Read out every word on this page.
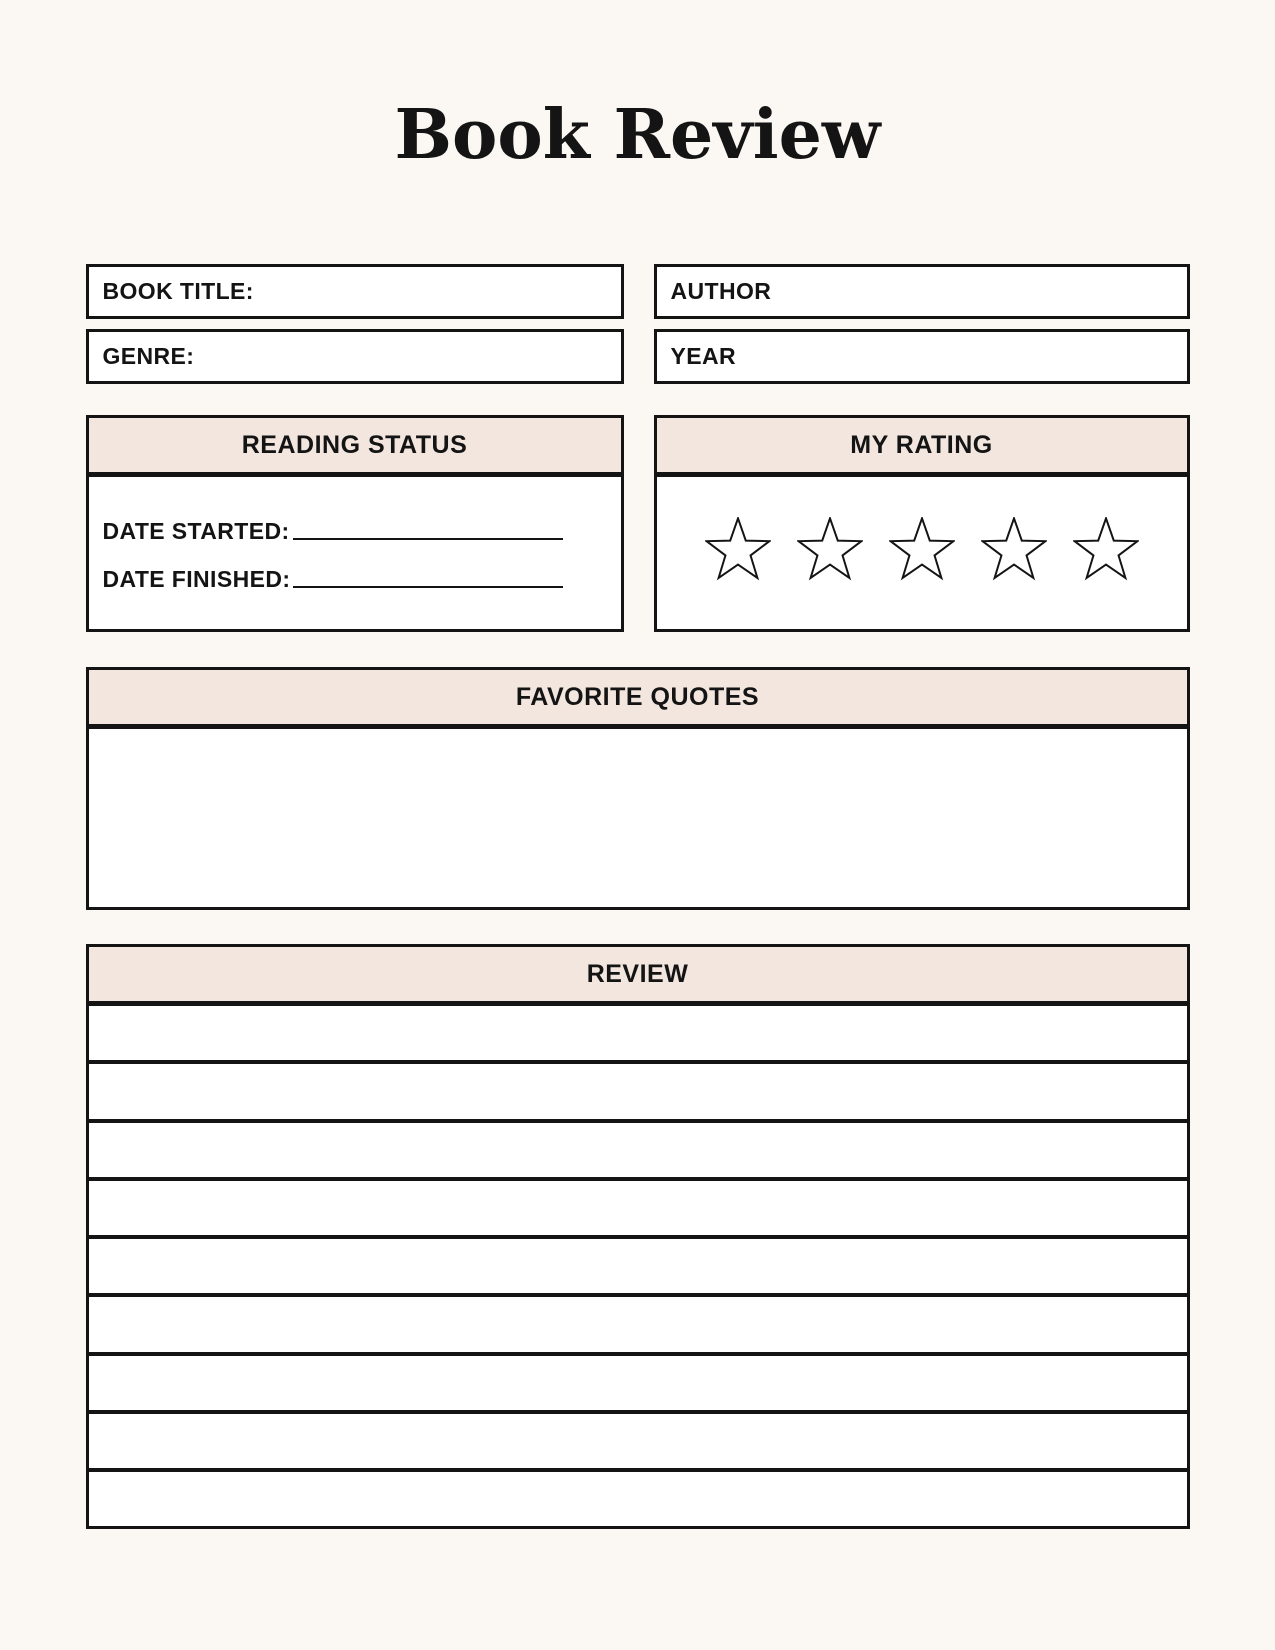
Book Review
BOOK TITLE:	AUTHOR
GENRE:	YEAR
READING STATUS
DATE STARTED:
DATE FINISHED:
MY RATING
FAVORITE QUOTES
REVIEW
